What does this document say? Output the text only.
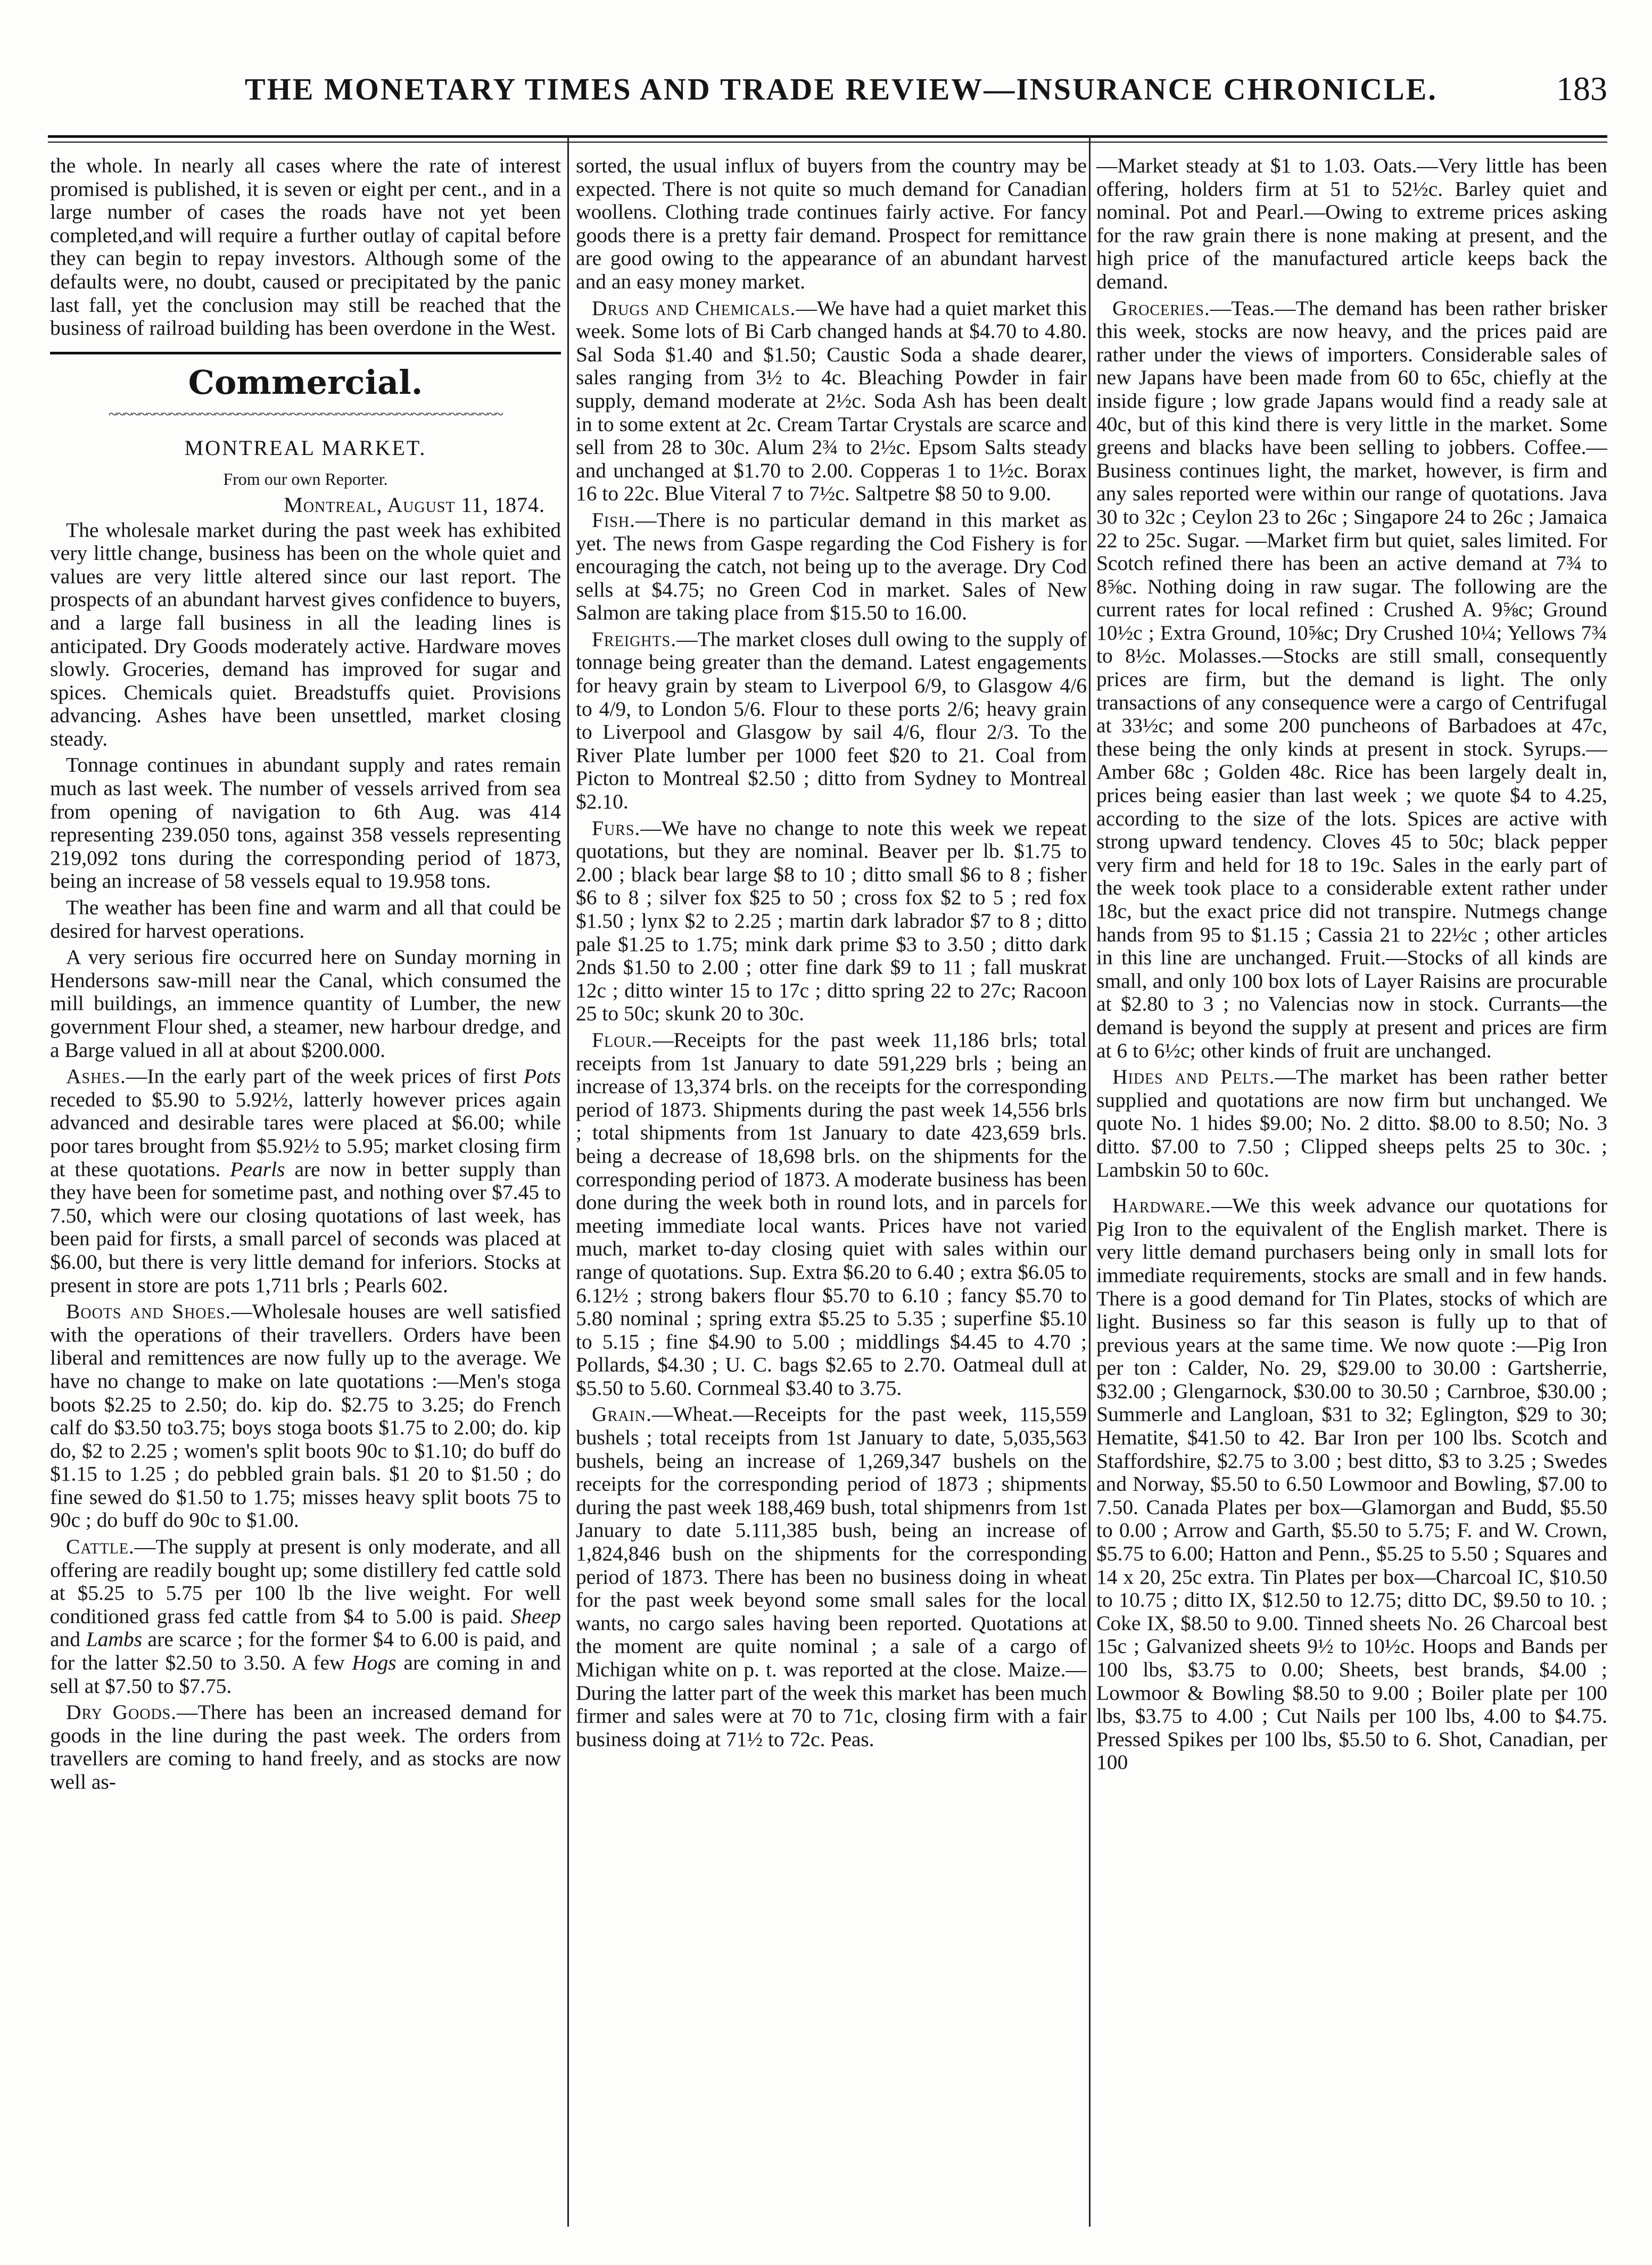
THE MONETARY TIMES AND TRADE REVIEW—INSURANCE CHRONICLE.	183

the whole. In nearly all cases where the rate of interest promised is published, it is seven or eight per cent., and in a large number of cases the roads have not yet been completed,and will require a further outlay of capital before they can begin to repay investors. Although some of the defaults were, no doubt, caused or precipitated by the panic last fall, yet the conclusion may still be reached that the business of railroad building has been overdone in the West.

Commercial.
~~~~~~~~~~~~~~~~~~~~~~~~~~~~~~~~~~~~~~~~~~~~~~~~~~~~
MONTREAL MARKET.
From our own Reporter.
Montreal, August 11, 1874.

The wholesale market during the past week has exhibited very little change, business has been on the whole quiet and values are very little altered since our last report. The prospects of an abundant harvest gives confidence to buyers, and a large fall business in all the leading lines is anticipated. Dry Goods moderately active. Hardware moves slowly. Groceries, demand has improved for sugar and spices. Chemicals quiet. Breadstuffs quiet. Provisions advancing. Ashes have been unsettled, market closing steady.

Tonnage continues in abundant supply and rates remain much as last week. The number of vessels arrived from sea from opening of navigation to 6th Aug. was 414 representing 239.050 tons, against 358 vessels representing 219,092 tons during the corresponding period of 1873, being an increase of 58 vessels equal to 19.958 tons.

The weather has been fine and warm and all that could be desired for harvest operations.

A very serious fire occurred here on Sunday morning in Hendersons saw-mill near the Canal, which consumed the mill buildings, an immence quantity of Lumber, the new government Flour shed, a steamer, new harbour dredge, and a Barge valued in all at about $200.000.

Ashes.—In the early part of the week prices of first Pots receded to $5.90 to 5.92½, latterly however prices again advanced and desirable tares were placed at $6.00; while poor tares brought from $5.92½ to 5.95; market closing firm at these quotations. Pearls are now in better supply than they have been for sometime past, and nothing over $7.45 to 7.50, which were our closing quotations of last week, has been paid for firsts, a small parcel of seconds was placed at $6.00, but there is very little demand for inferiors. Stocks at present in store are pots 1,711 brls ; Pearls 602.

Boots and Shoes.—Wholesale houses are well satisfied with the operations of their travellers. Orders have been liberal and remittences are now fully up to the average. We have no change to make on late quotations :—Men's stoga boots $2.25 to 2.50; do. kip do. $2.75 to 3.25; do French calf do $3.50 to3.75; boys stoga boots $1.75 to 2.00; do. kip do, $2 to 2.25 ; women's split boots 90c to $1.10; do buff do $1.15 to 1.25 ; do pebbled grain bals. $1 20 to $1.50 ; do fine sewed do $1.50 to 1.75; misses heavy split boots 75 to 90c ; do buff do 90c to $1.00.

Cattle.—The supply at present is only moderate, and all offering are readily bought up; some distillery fed cattle sold at $5.25 to 5.75 per 100 lb the live weight. For well conditioned grass fed cattle from $4 to 5.00 is paid. Sheep and Lambs are scarce ; for the former $4 to 6.00 is paid, and for the latter $2.50 to 3.50. A few Hogs are coming in and sell at $7.50 to $7.75.

Dry Goods.—There has been an increased demand for goods in the line during the past week. The orders from travellers are coming to hand freely, and as stocks are now well as-

sorted, the usual influx of buyers from the country may be expected. There is not quite so much demand for Canadian woollens. Clothing trade continues fairly active. For fancy goods there is a pretty fair demand. Prospect for remittance are good owing to the appearance of an abundant harvest and an easy money market.

Drugs and Chemicals.—We have had a quiet market this week. Some lots of Bi Carb changed hands at $4.70 to 4.80. Sal Soda $1.40 and $1.50; Caustic Soda a shade dearer, sales ranging from 3½ to 4c. Bleaching Powder in fair supply, demand moderate at 2½c. Soda Ash has been dealt in to some extent at 2c. Cream Tartar Crystals are scarce and sell from 28 to 30c. Alum 2¾ to 2½c. Epsom Salts steady and unchanged at $1.70 to 2.00. Copperas 1 to 1½c. Borax 16 to 22c. Blue Viteral 7 to 7½c. Saltpetre $8 50 to 9.00.

Fish.—There is no particular demand in this market as yet. The news from Gaspe regarding the Cod Fishery is for encouraging the catch, not being up to the average. Dry Cod sells at $4.75; no Green Cod in market. Sales of New Salmon are taking place from $15.50 to 16.00.

Freights.—The market closes dull owing to the supply of tonnage being greater than the demand. Latest engagements for heavy grain by steam to Liverpool 6/9, to Glasgow 4/6 to 4/9, to London 5/6. Flour to these ports 2/6; heavy grain to Liverpool and Glasgow by sail 4/6, flour 2/3. To the River Plate lumber per 1000 feet $20 to 21. Coal from Picton to Montreal $2.50 ; ditto from Sydney to Montreal $2.10.

Furs.—We have no change to note this week we repeat quotations, but they are nominal. Beaver per lb. $1.75 to 2.00 ; black bear large $8 to 10 ; ditto small $6 to 8 ; fisher $6 to 8 ; silver fox $25 to 50 ; cross fox $2 to 5 ; red fox $1.50 ; lynx $2 to 2.25 ; martin dark labrador $7 to 8 ; ditto pale $1.25 to 1.75; mink dark prime $3 to 3.50 ; ditto dark 2nds $1.50 to 2.00 ; otter fine dark $9 to 11 ; fall muskrat 12c ; ditto winter 15 to 17c ; ditto spring 22 to 27c; Racoon 25 to 50c; skunk 20 to 30c.

Flour.—Receipts for the past week 11,186 brls; total receipts from 1st January to date 591,229 brls ; being an increase of 13,374 brls. on the receipts for the corresponding period of 1873. Shipments during the past week 14,556 brls ; total shipments from 1st January to date 423,659 brls. being a decrease of 18,698 brls. on the shipments for the corresponding period of 1873. A moderate business has been done during the week both in round lots, and in parcels for meeting immediate local wants. Prices have not varied much, market to-day closing quiet with sales within our range of quotations. Sup. Extra $6.20 to 6.40 ; extra $6.05 to 6.12½ ; strong bakers flour $5.70 to 6.10 ; fancy $5.70 to 5.80 nominal ; spring extra $5.25 to 5.35 ; superfine $5.10 to 5.15 ; fine $4.90 to 5.00 ; middlings $4.45 to 4.70 ; Pollards, $4.30 ; U. C. bags $2.65 to 2.70. Oatmeal dull at $5.50 to 5.60. Cornmeal $3.40 to 3.75.

Grain.—Wheat.—Receipts for the past week, 115,559 bushels ; total receipts from 1st January to date, 5,035,563 bushels, being an increase of 1,269,347 bushels on the receipts for the corresponding period of 1873 ; shipments during the past week 188,469 bush, total shipmenrs from 1st January to date 5.111,385 bush, being an increase of 1,824,846 bush on the shipments for the corresponding period of 1873. There has been no business doing in wheat for the past week beyond some small sales for the local wants, no cargo sales having been reported. Quotations at the moment are quite nominal ; a sale of a cargo of Michigan white on p. t. was reported at the close. Maize.—During the latter part of the week this market has been much firmer and sales were at 70 to 71c, closing firm with a fair business doing at 71½ to 72c. Peas.

—Market steady at $1 to 1.03. Oats.—Very little has been offering, holders firm at 51 to 52½c. Barley quiet and nominal. Pot and Pearl.—Owing to extreme prices asking for the raw grain there is none making at present, and the high price of the manufactured article keeps back the demand.

Groceries.—Teas.—The demand has been rather brisker this week, stocks are now heavy, and the prices paid are rather under the views of importers. Considerable sales of new Japans have been made from 60 to 65c, chiefly at the inside figure ; low grade Japans would find a ready sale at 40c, but of this kind there is very little in the market. Some greens and blacks have been selling to jobbers. Coffee.—Business continues light, the market, however, is firm and any sales reported were within our range of quotations. Java 30 to 32c ; Ceylon 23 to 26c ; Singapore 24 to 26c ; Jamaica 22 to 25c. Sugar. —Market firm but quiet, sales limited. For Scotch refined there has been an active demand at 7¾ to 8⅝c. Nothing doing in raw sugar. The following are the current rates for local refined : Crushed A. 9⅝c; Ground 10½c ; Extra Ground, 10⅝c; Dry Crushed 10¼; Yellows 7¾ to 8½c. Molasses.—Stocks are still small, consequently prices are firm, but the demand is light. The only transactions of any consequence were a cargo of Centrifugal at 33½c; and some 200 puncheons of Barbadoes at 47c, these being the only kinds at present in stock. Syrups.—Amber 68c ; Golden 48c. Rice has been largely dealt in, prices being easier than last week ; we quote $4 to 4.25, according to the size of the lots. Spices are active with strong upward tendency. Cloves 45 to 50c; black pepper very firm and held for 18 to 19c. Sales in the early part of the week took place to a considerable extent rather under 18c, but the exact price did not transpire. Nutmegs change hands from 95 to $1.15 ; Cassia 21 to 22½c ; other articles in this line are unchanged. Fruit.—Stocks of all kinds are small, and only 100 box lots of Layer Raisins are procurable at $2.80 to 3 ; no Valencias now in stock. Currants—the demand is beyond the supply at present and prices are firm at 6 to 6½c; other kinds of fruit are unchanged.

Hides and Pelts.—The market has been rather better supplied and quotations are now firm but unchanged. We quote No. 1 hides $9.00; No. 2 ditto. $8.00 to 8.50; No. 3 ditto. $7.00 to 7.50 ; Clipped sheeps pelts 25 to 30c. ; Lambskin 50 to 60c.

Hardware.—We this week advance our quotations for Pig Iron to the equivalent of the English market. There is very little demand purchasers being only in small lots for immediate requirements, stocks are small and in few hands. There is a good demand for Tin Plates, stocks of which are light. Business so far this season is fully up to that of previous years at the same time. We now quote :—Pig Iron per ton : Calder, No. 29, $29.00 to 30.00 : Gartsherrie, $32.00 ; Glengarnock, $30.00 to 30.50 ; Carnbroe, $30.00 ; Summerle and Langloan, $31 to 32; Eglington, $29 to 30; Hematite, $41.50 to 42. Bar Iron per 100 lbs. Scotch and Staffordshire, $2.75 to 3.00 ; best ditto, $3 to 3.25 ; Swedes and Norway, $5.50 to 6.50 Lowmoor and Bowling, $7.00 to 7.50. Canada Plates per box—Glamorgan and Budd, $5.50 to 0.00 ; Arrow and Garth, $5.50 to 5.75; F. and W. Crown, $5.75 to 6.00; Hatton and Penn., $5.25 to 5.50 ; Squares and 14 x 20, 25c extra. Tin Plates per box—Charcoal IC, $10.50 to 10.75 ; ditto IX, $12.50 to 12.75; ditto DC, $9.50 to 10. ; Coke IX, $8.50 to 9.00. Tinned sheets No. 26 Charcoal best 15c ; Galvanized sheets 9½ to 10½c. Hoops and Bands per 100 lbs, $3.75 to 0.00; Sheets, best brands, $4.00 ; Lowmoor & Bowling $8.50 to 9.00 ; Boiler plate per 100 lbs, $3.75 to 4.00 ; Cut Nails per 100 lbs, 4.00 to $4.75. Pressed Spikes per 100 lbs, $5.50 to 6. Shot, Canadian, per 100
